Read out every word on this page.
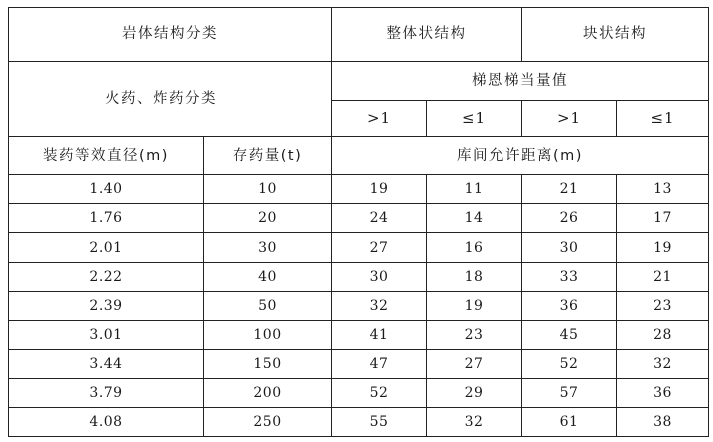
岩体结构分类		整体状结构		块状结构	
火药、炸药分类		梯恩梯当量值			
		>1	≤1	>1	≤1
装药等效直径(m)	存药量(t)	库间允许距离(m)			
1.40	10	19	11	21	13
1.76	20	24	14	26	17
2.01	30	27	16	30	19
2.22	40	30	18	33	21
2.39	50	32	19	36	23
3.01	100	41	23	45	28
3.44	150	47	27	52	32
3.79	200	52	29	57	36
4.08	250	55	32	61	38
